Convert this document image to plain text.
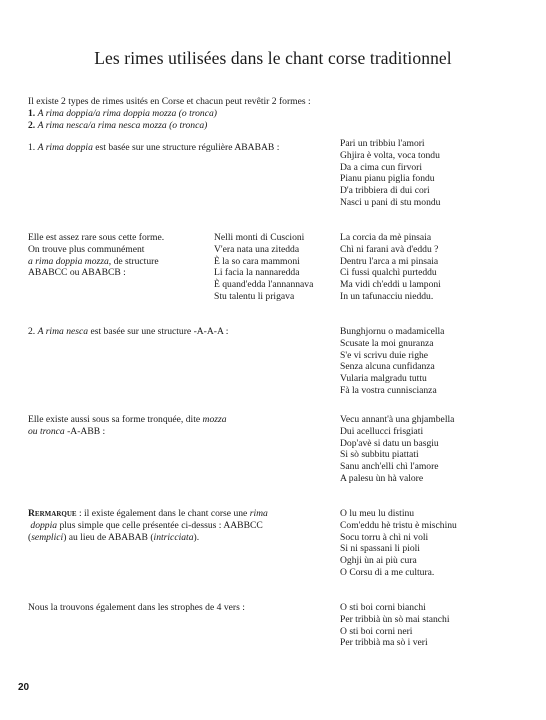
Les rimes utilisées dans le chant corse traditionnel
Il existe 2 types de rimes usités en Corse et chacun peut revêtir 2 formes :
1. A rima doppia/a rima doppia mozza (o tronca)
2. A rima nesca/a rima nesca mozza (o tronca)
1. A rima doppia est basée sur une structure régulière ABABAB :	Pari un tribbiu l'amori
Ghjira è volta, voca tondu
Da a cima cun firvori
Pianu pianu piglia fondu
D'a tribbiera di dui cori
Nasci u pani di stu mondu
Elle est assez rare sous cette forme.
On trouve plus communément
a rima doppia mozza, de structure
ABABCC ou ABABCB :
Nelli monti di Cuscioni
V'era nata una zitedda
È la so cara mammoni
Li facia la nannaredda
È quand'edda l'annannava
Stu talentu li prigava
La corcia da mè pinsaia
Chì ni farani avà d'eddu ?
Dentru l'arca a mi pinsaia
Ci fussi qualchì purteddu
Ma vidi ch'eddi u lamponi
In un tafunacciu nieddu.
2. A rima nesca est basée sur une structure -A-A-A :	Bunghjornu o madamicella
Scusate la moi gnuranza
S'e vi scrivu duie righe
Senza alcuna cunfidanza
Vularia malgradu tuttu
Fà la vostra cunniscianza
Elle existe aussi sous sa forme tronquée, dite mozza
ou tronca -A-ABB :
Vecu annant'à una ghjambella
Dui acellucci frisgiati
Dop'avè si datu un basgiu
Si sò subbitu piattati
Sanu anch'elli chì l'amore
A palesu ùn hà valore
Rermarque : il existe également dans le chant corse une rima
doppia plus simple que celle présentée ci-dessus : AABBCC
(semplici) au lieu de ABABAB (intricciata).
O lu meu lu distinu
Com'eddu hè tristu è mischinu
Socu torru à chì ni voli
Si ni spassani li pioli
Oghji ùn ai più cura
O Corsu di a me cultura.
Nous la trouvons également dans les strophes de 4 vers :	O sti boi corni bianchi
Per tribbià ùn sò mai stanchi
O sti boi corni neri
Per tribbià ma sò i veri
20
